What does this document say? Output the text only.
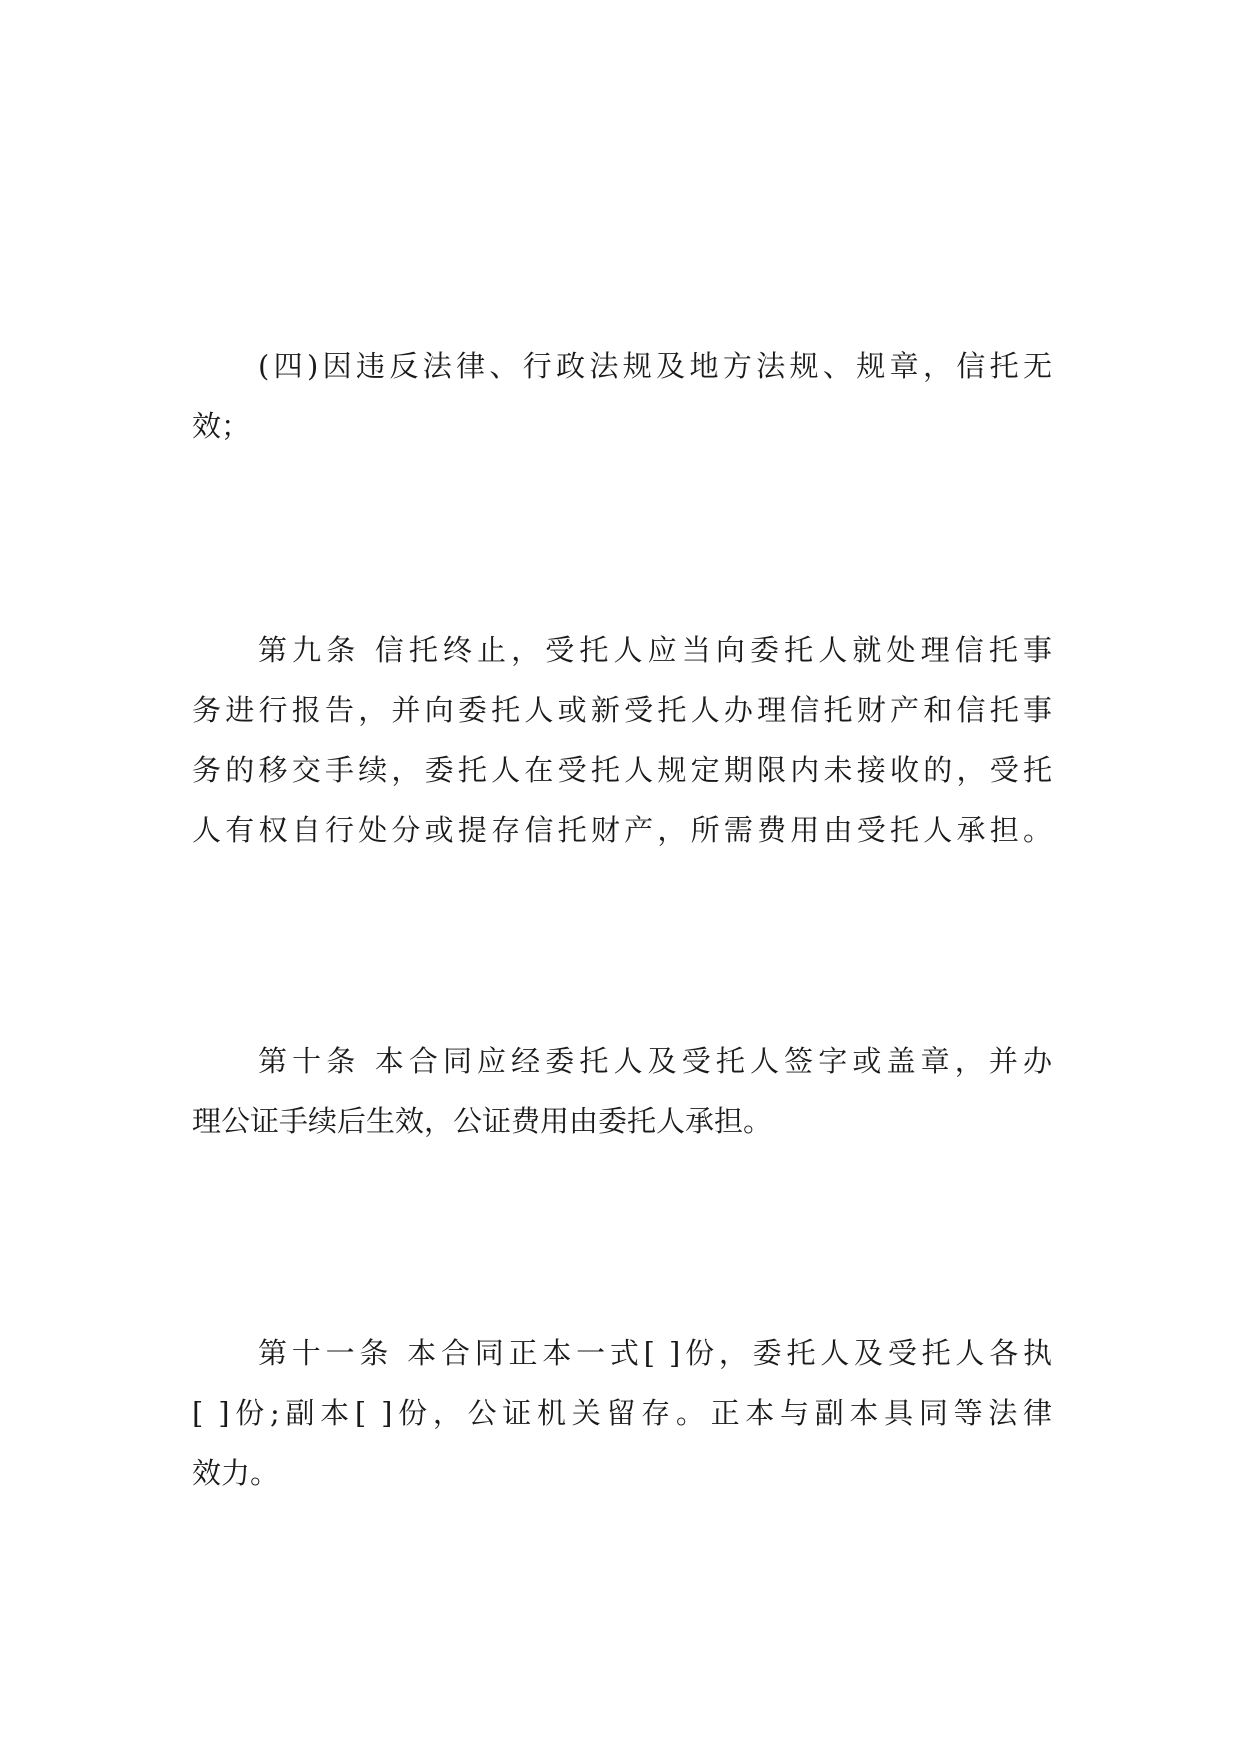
(四)因违反法律、行政法规及地方法规、规章，信托无
效；
第九条 信托终止，受托人应当向委托人就处理信托事
务进行报告，并向委托人或新受托人办理信托财产和信托事
务的移交手续，委托人在受托人规定期限内未接收的，受托
人有权自行处分或提存信托财产，所需费用由受托人承担。
第十条 本合同应经委托人及受托人签字或盖章，并办
理公证手续后生效，公证费用由委托人承担。
第十一条 本合同正本一式[ ]份，委托人及受托人各执
[ ]份;副本[ ]份，公证机关留存。正本与副本具同等法律
效力。
